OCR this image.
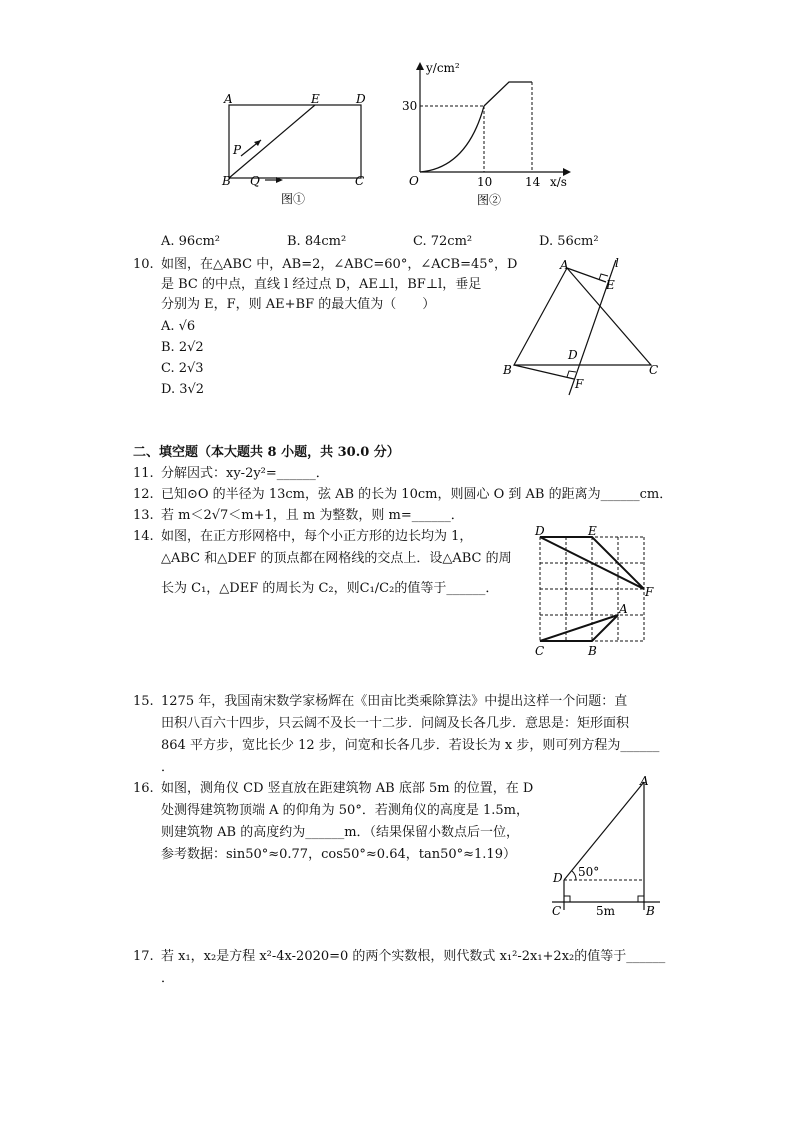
A	E	D
P
B Q	C
图①
y/cm²
x/s
O
30
10	14
图②
A. 96cm²	B. 84cm²	C. 72cm²	D. 56cm²
10. 如图，在△ABC 中，AB=2，∠ABC=60°，∠ACB=45°，D
是 BC 的中点，直线 l 经过点 D，AE⊥l，BF⊥l，垂足
分别为 E，F，则 AE+BF 的最大值为（　　）
A. √6
B. 2√2
C. 2√3
D. 3√2
A	l
E
D
B	C
F
二、填空题（本大题共 8 小题，共 30.0 分）
11. 分解因式：xy-2y²=______．
12. 已知⊙O 的半径为 13cm，弦 AB 的长为 10cm，则圆心 O 到 AB 的距离为______cm．
13. 若 m＜2√7＜m+1，且 m 为整数，则 m=______．
14. 如图，在正方形网格中，每个小正方形的边长均为 1，
△ABC 和△DEF 的顶点都在网格线的交点上．设△ABC 的周
长为 C₁，△DEF 的周长为 C₂，则C₁/C₂的值等于______．
D	E
F
A
C	B
15. 1275 年，我国南宋数学家杨辉在《田亩比类乘除算法》中提出这样一个问题：直
田积八百六十四步，只云阔不及长一十二步．问阔及长各几步．意思是：矩形面积
864 平方步，宽比长少 12 步，问宽和长各几步．若设长为 x 步，则可列方程为______
．
16. 如图，测角仪 CD 竖直放在距建筑物 AB 底部 5m 的位置，在 D
处测得建筑物顶端 A 的仰角为 50°．若测角仪的高度是 1.5m，
则建筑物 AB 的高度约为______m．（结果保留小数点后一位，
参考数据：sin50°≈0.77，cos50°≈0.64，tan50°≈1.19）
A
D 50°
C	5m	B
17. 若 x₁，x₂是方程 x²-4x-2020=0 的两个实数根，则代数式 x₁²-2x₁+2x₂的值等于______
．
